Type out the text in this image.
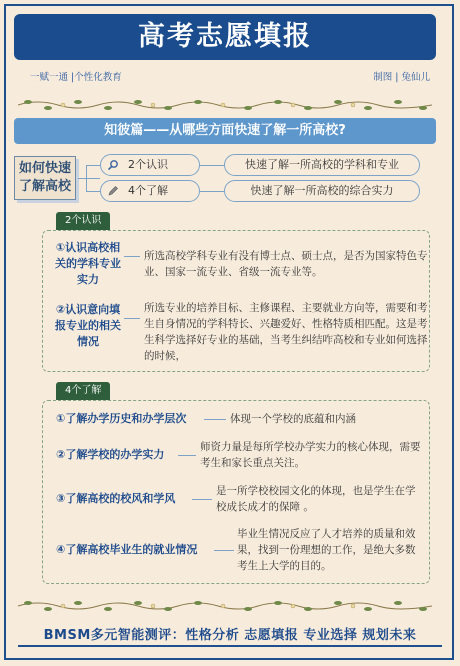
高考志愿填报
一赋一通 |个性化教育	制图 | 兔仙儿
知彼篇——从哪些方面快速了解一所高校?
如何快速了解高校
2个认识	快速了解一所高校的学科和专业
4个了解	快速了解一所高校的综合实力
2个认识
①认识高校相关的学科专业实力
所选高校学科专业有没有博士点、硕士点，是否为国家特色专业、国家一流专业、省级一流专业等。
②认识意向填报专业的相关情况
所选专业的培养目标、主修课程、主要就业方向等，需要和考生自身情况的学科特长、兴趣爱好、性格特质相匹配。这是考生科学选择好专业的基础，当考生纠结咋高校和专业如何选择的时候，
4个了解
①了解办学历史和办学层次	体现一个学校的底蕴和内涵
②了解学校的办学实力
师资力量是每所学校办学实力的核心体现，需要考生和家长重点关注。
③了解高校的校风和学风
是一所学校校园文化的体现，也是学生在学校成长成才的保障 。
④了解高校毕业生的就业情况
毕业生情况反应了人才培养的质量和效果，找到一份理想的工作，是绝大多数考生上大学的目的。
BMSM多元智能测评：性格分析 志愿填报 专业选择 规划未来
